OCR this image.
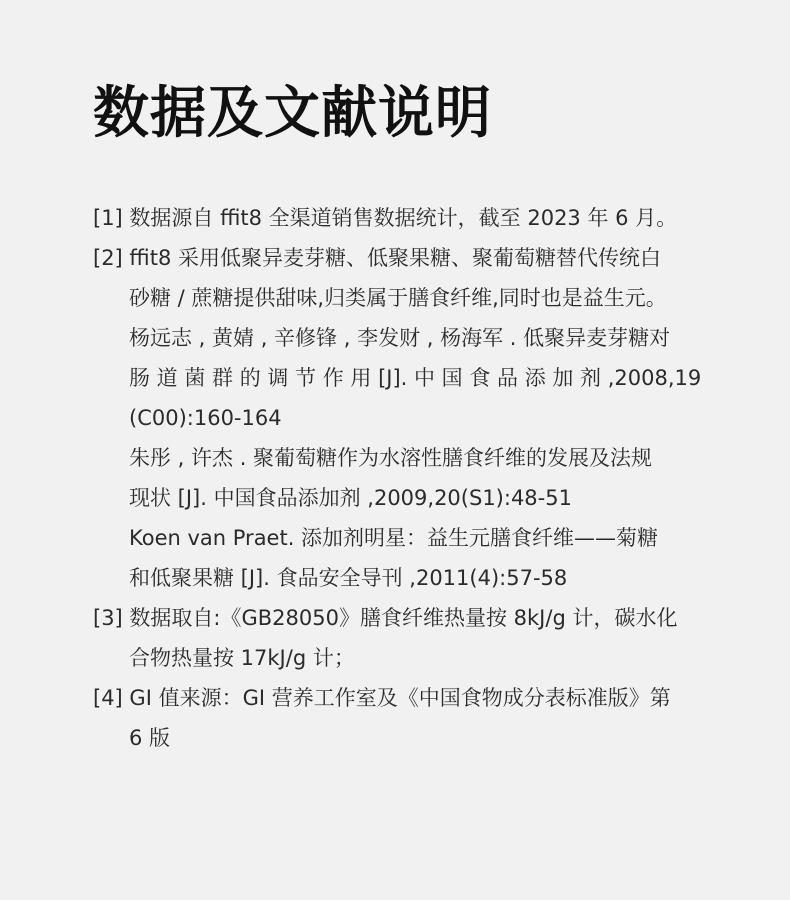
数据及文献说明
[1] 数据源自 ffit8 全渠道销售数据统计，截至 2023 年 6 月。
[2] ffit8 采用低聚异麦芽糖、低聚果糖、聚葡萄糖替代传统白
砂糖 / 蔗糖提供甜味,归类属于膳食纤维,同时也是益生元。
杨远志 , 黄婧 , 辛修锋 , 李发财 , 杨海军 . 低聚异麦芽糖对
肠 道 菌 群 的 调 节 作 用 [J]. 中 国 食 品 添 加 剂 ,2008,19
(C00):160-164
朱彤 , 许杰 . 聚葡萄糖作为水溶性膳食纤维的发展及法规
现状 [J]. 中国食品添加剂 ,2009,20(S1):48-51
Koen van Praet. 添加剂明星：益生元膳食纤维——菊糖
和低聚果糖 [J]. 食品安全导刊 ,2011(4):57-58
[3] 数据取自:《GB28050》膳食纤维热量按 8kJ/g 计，碳水化
合物热量按 17kJ/g 计；
[4] GI 值来源：GI 营养工作室及《中国食物成分表标准版》第
6 版
